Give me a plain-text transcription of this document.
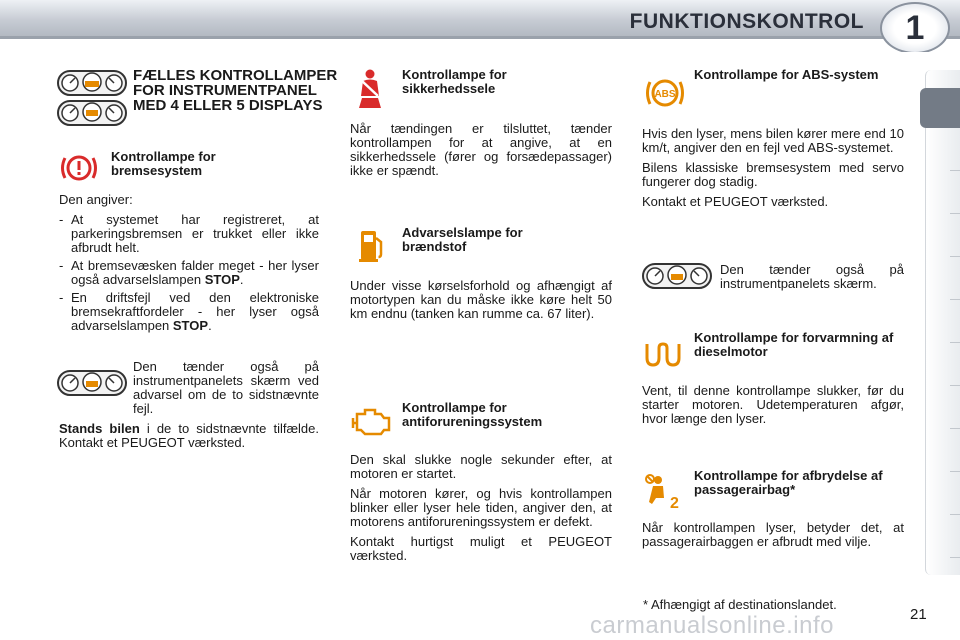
FUNKTIONSKONTROL	1
FÆLLES KONTROLLAMPER FOR INSTRUMENTPANEL MED 4 ELLER 5 DISPLAYS
Kontrollampe for bremsesystem

Den angiver:

- At systemet har registreret, at parkeringsbremsen er trukket eller ikke afbrudt helt.
- At bremsevæsken falder meget - her lyser også advarselslampen STOP.
- En driftsfejl ved den elektroniske bremsekraftfordeler - her lyser også advarselslampen STOP.
Den tænder også på instrumentpanelets skærm ved advarsel om de to sidstnævnte fejl.
Stands bilen i de to sidstnævnte tilfælde. Kontakt et PEUGEOT værksted.
Kontrollampe for sikkerhedssele
Når tændingen er tilsluttet, tænder kontrollampen for at angive, at en sikkerhedssele (fører og forsædepassager) ikke er spændt.
Advarselslampe for brændstof
Under visse kørselsforhold og afhængigt af motortypen kan du måske ikke køre helt 50 km endnu (tanken kan rumme ca. 67 liter).
Kontrollampe for antiforureningssystem

Den skal slukke nogle sekunder efter, at motoren er startet.

Når motoren kører, og hvis kontrollampen blinker eller lyser hele tiden, angiver den, at motorens antiforureningssystem er defekt.

Kontakt hurtigst muligt et PEUGEOT værksted.

ABS
Kontrollampe for ABS-system

Hvis den lyser, mens bilen kører mere end 10 km/t, angiver den en fejl ved ABS-systemet.

Bilens klassiske bremsesystem med servo fungerer dog stadig.

Kontakt et PEUGEOT værksted.

Den tænder også på instrumentpanelets skærm.
Kontrollampe for forvarmning af dieselmotor
Vent, til denne kontrollampe slukker, før du starter motoren. Udetemperaturen afgør, hvor længe den lyser.
2
Kontrollampe for afbrydelse af passagerairbag*
Når kontrollampen lyser, betyder det, at passagerairbaggen er afbrudt med vilje.
* Afhængigt af destinationslandet.
carmanualsonline.info	21
